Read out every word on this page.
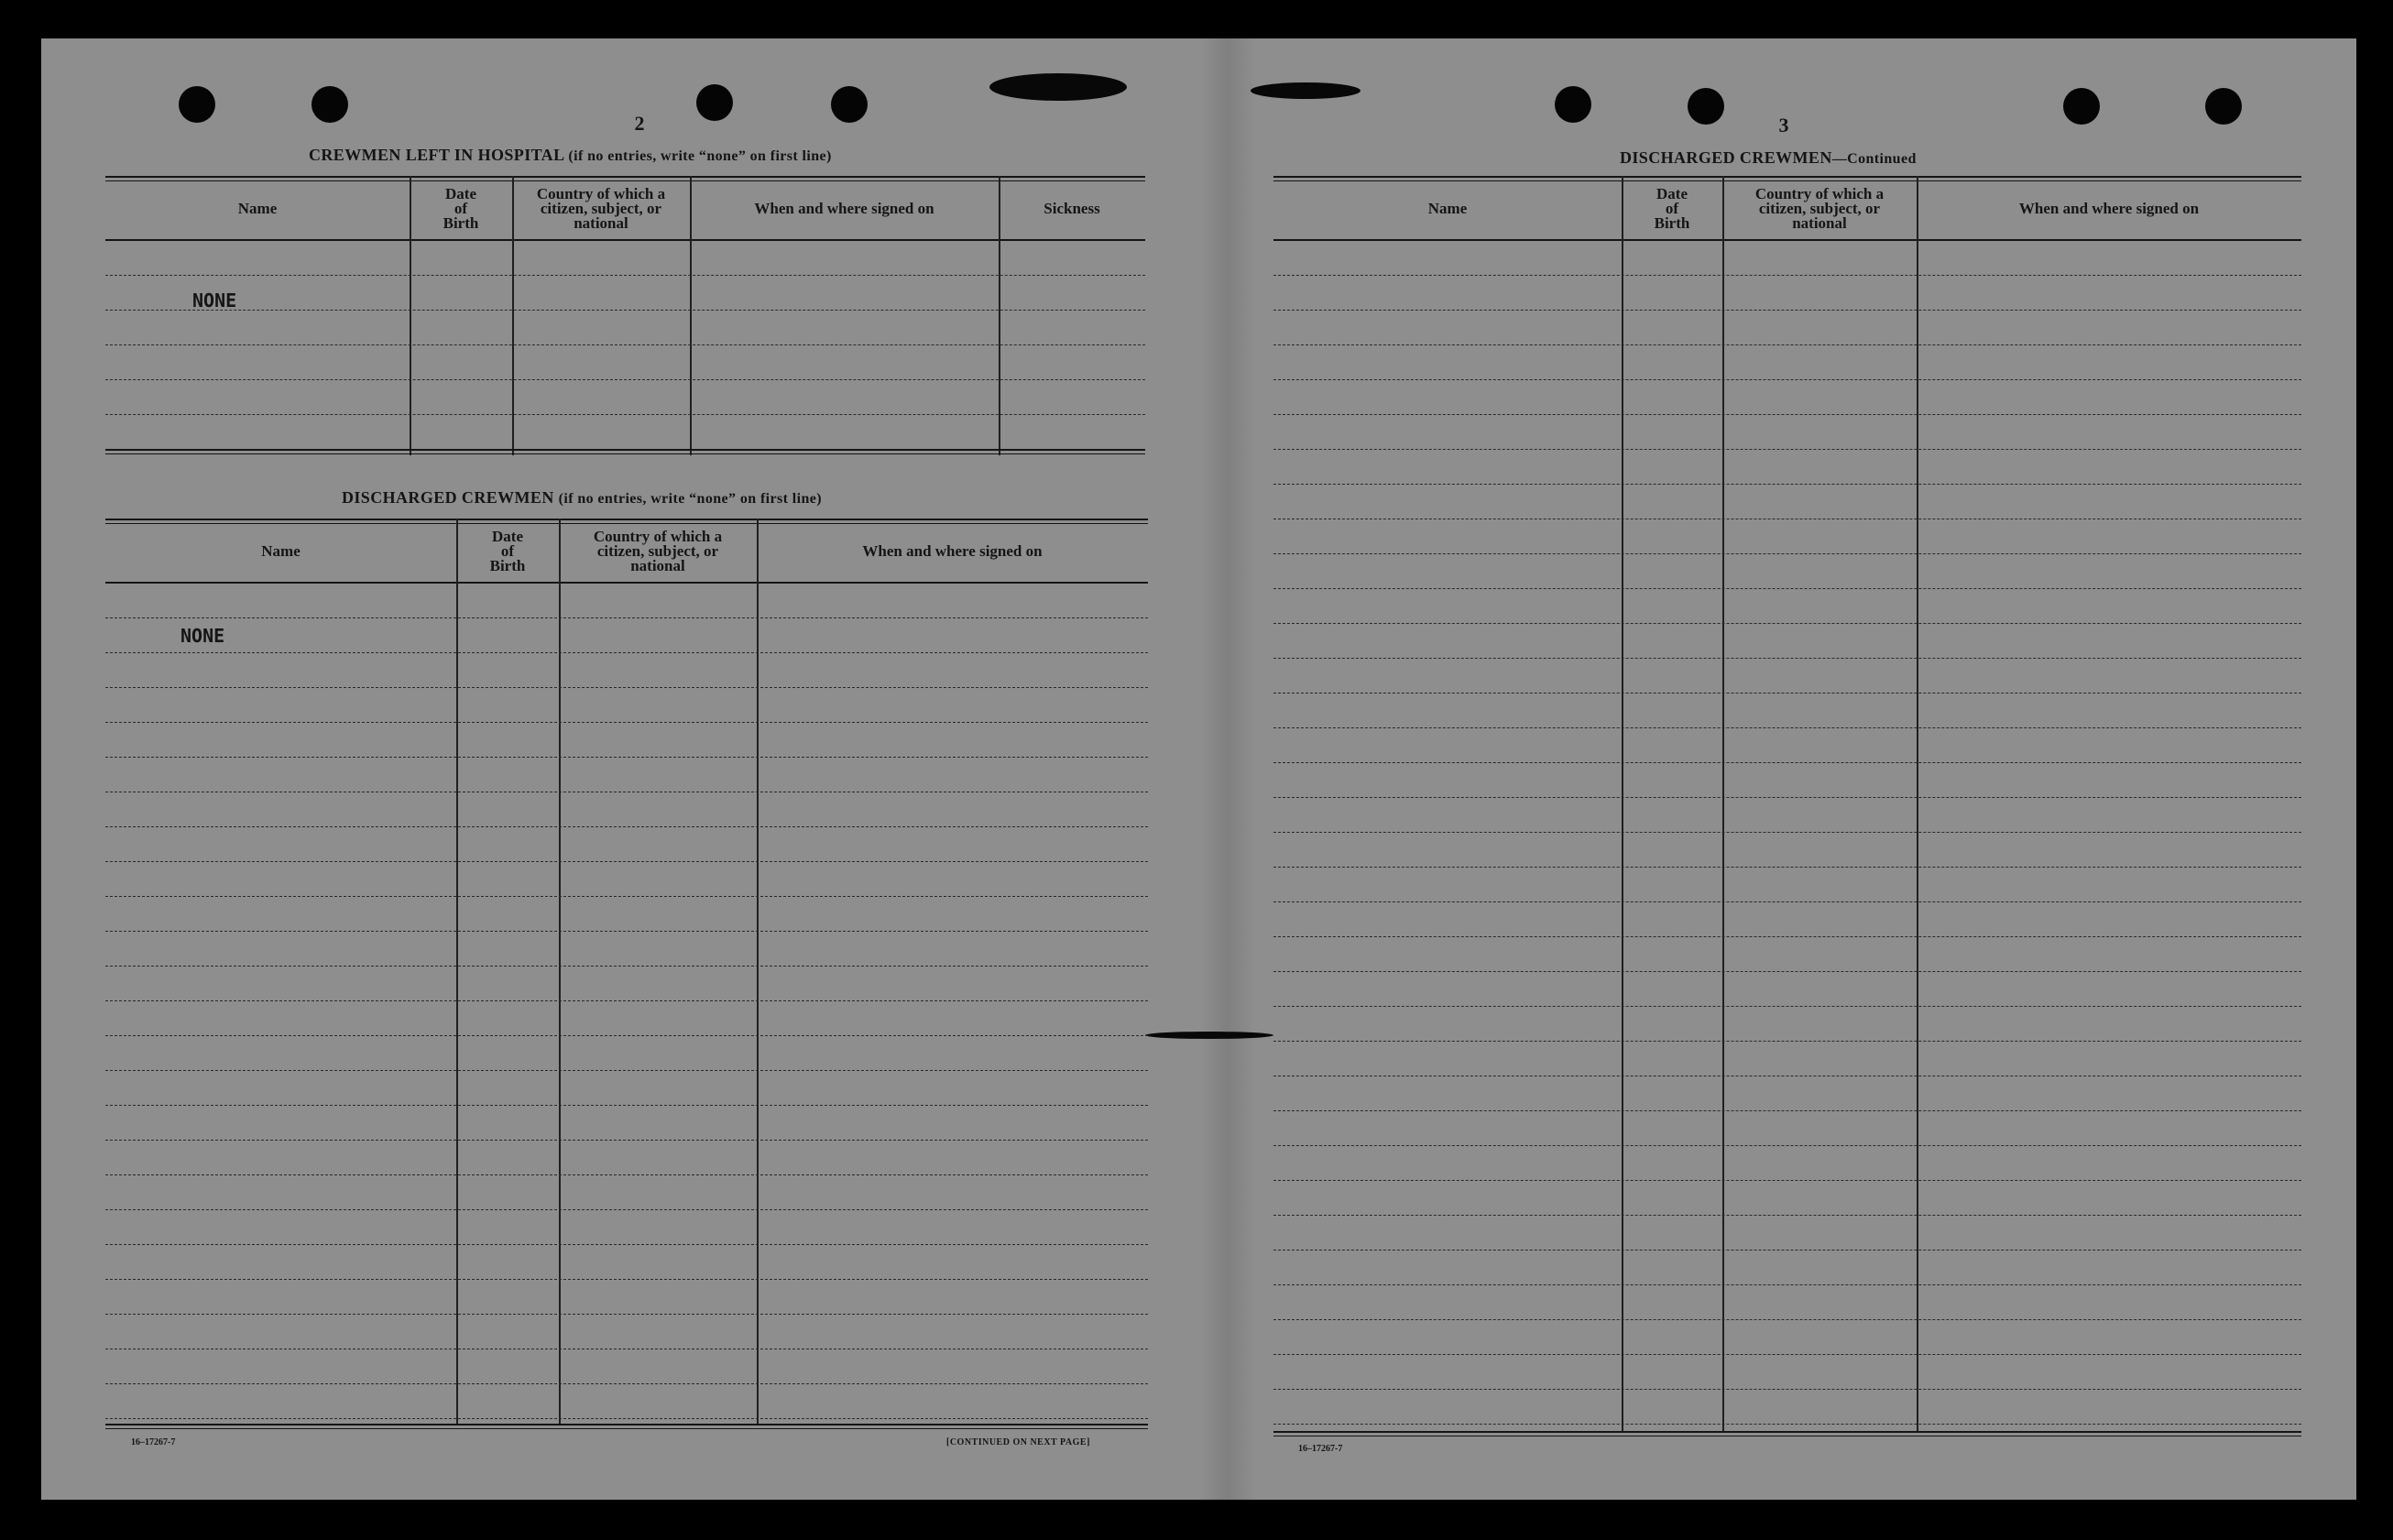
2
CREWMEN LEFT IN HOSPITAL (if no entries, write “none” on first line)
Name
Date
of
Birth
Country of which a
citizen, subject, or
national
When and where signed on	Sickness
NONE
DISCHARGED CREWMEN (if no entries, write “none” on first line)
Name
Date
of
Birth
Country of which a
citizen, subject, or
national
When and where signed on
NONE
16–17267-7	[CONTINUED ON NEXT PAGE]
3
DISCHARGED CREWMEN—Continued
Name
Date
of
Birth
Country of which a
citizen, subject, or
national
When and where signed on
16–17267-7
